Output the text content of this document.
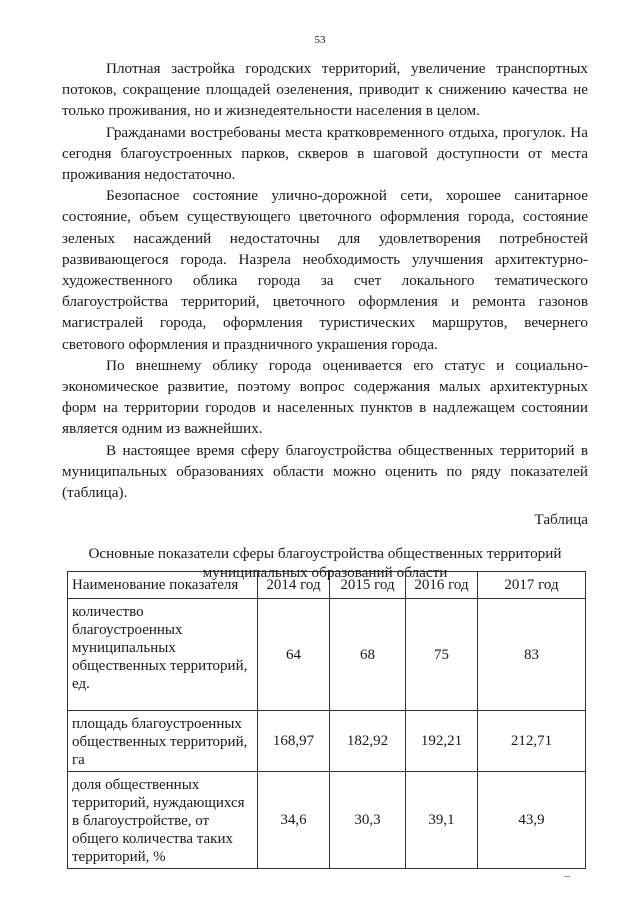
53

Плотная застройка городских территорий, увеличение транспортных потоков, сокращение площадей озеленения, приводит к снижению качества не только проживания, но и жизнедеятельности населения в целом.

Гражданами востребованы места кратковременного отдыха, прогулок. На сегодня благоустроенных парков, скверов в шаговой доступности от места проживания недостаточно.

Безопасное состояние улично-дорожной сети, хорошее санитарное состояние, объем существующего цветочного оформления города, состояние зеленых насаждений недостаточны для удовлетворения потребностей развивающегося города. Назрела необходимость улучшения архитектурно-художественного облика города за счет локального тематического благоустройства территорий, цветочного оформления и ремонта газонов магистралей города, оформления туристических маршрутов, вечернего светового оформления и праздничного украшения города.

По внешнему облику города оценивается его статус и социально-экономическое развитие, поэтому вопрос содержания малых архитектурных форм на территории городов и населенных пунктов в надлежащем состоянии является одним из важнейших.

В настоящее время сферу благоустройства общественных территорий в муниципальных образованиях области можно оценить по ряду показателей (таблица).

Таблица
Основные показатели сферы благоустройства общественных территорий
муниципальных образований области
Наименование показателя	2014 год	2015 год	2016 год	2017 год
количество благоустроенных муниципальных общественных территорий, ед.	64	68	75	83
площадь благоустроенных общественных территорий, га	168,97	182,92	192,21	212,71
доля общественных территорий, нуждающихся в благоустройстве, от общего количества таких территорий, %	34,6	30,3	39,1	43,9
